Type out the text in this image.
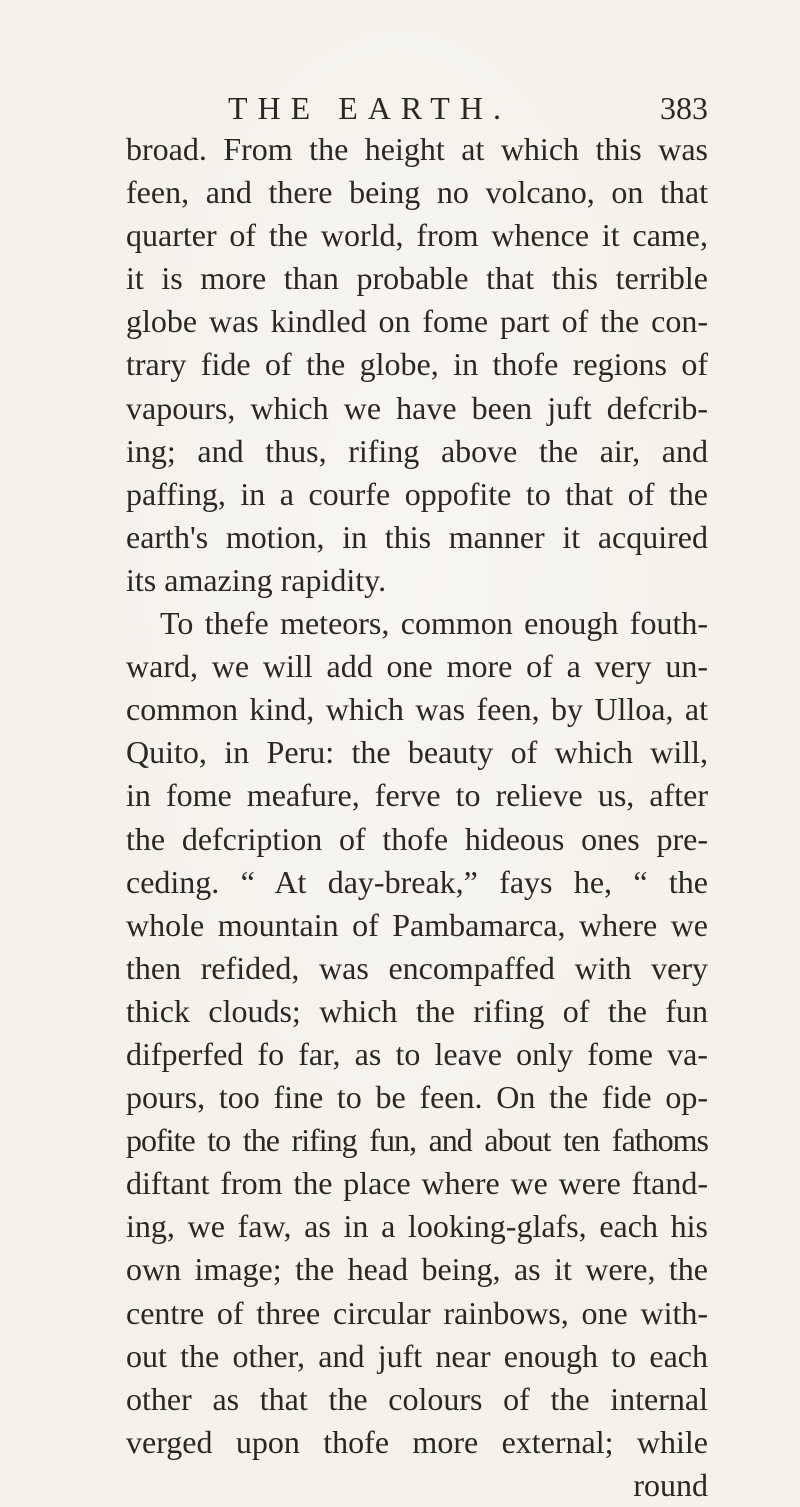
THE EARTH.	383
broad. From the height at which this was
feen, and there being no volcano, on that
quarter of the world, from whence it came,
it is more than probable that this terrible
globe was kindled on fome part of the con-
trary fide of the globe, in thofe regions of
vapours, which we have been juft defcrib-
ing; and thus, rifing above the air, and
paffing, in a courfe oppofite to that of the
earth's motion, in this manner it acquired
its amazing rapidity.
To thefe meteors, common enough fouth-
ward, we will add one more of a very un-
common kind, which was feen, by Ulloa, at
Quito, in Peru: the beauty of which will,
in fome meafure, ferve to relieve us, after
the defcription of thofe hideous ones pre-
ceding. “ At day-break,” fays he, “ the
whole mountain of Pambamarca, where we
then refided, was encompaffed with very
thick clouds; which the rifing of the fun
difperfed fo far, as to leave only fome va-
pours, too fine to be feen. On the fide op-
pofite to the rifing fun, and about ten fathoms
diftant from the place where we were ftand-
ing, we faw, as in a looking-glafs, each his
own image; the head being, as it were, the
centre of three circular rainbows, one with-
out the other, and juft near enough to each
other as that the colours of the internal
verged upon thofe more external; while
round
